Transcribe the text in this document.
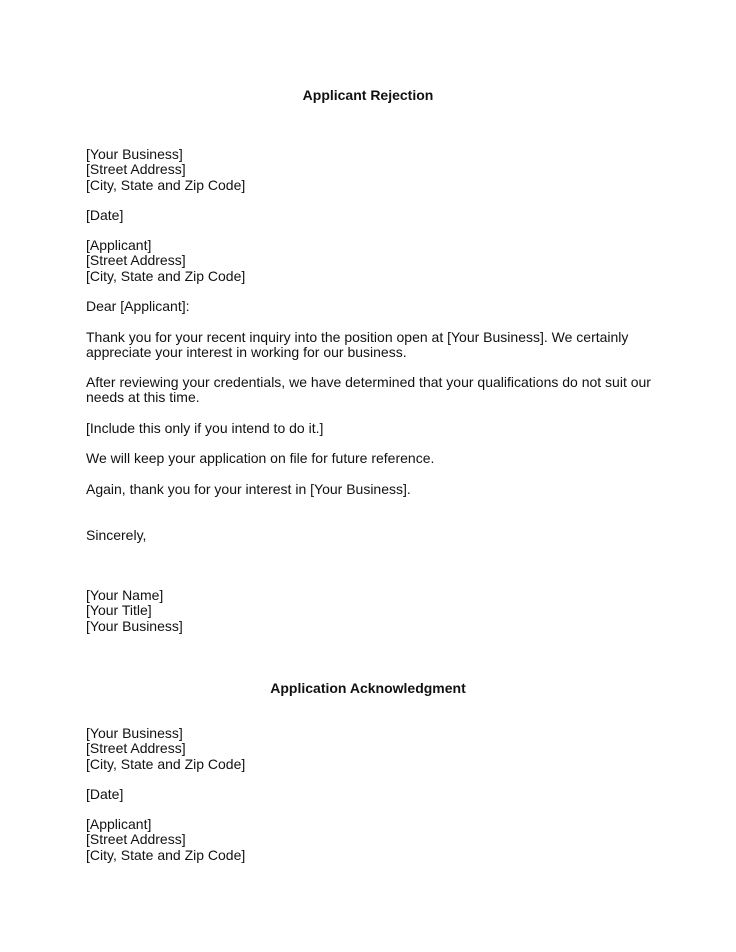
Applicant Rejection
[Your Business]
[Street Address]
[City, State and Zip Code]
[Date]
[Applicant]
[Street Address]
[City, State and Zip Code]
Dear [Applicant]:
Thank you for your recent inquiry into the position open at [Your Business]. We certainly
appreciate your interest in working for our business.
After reviewing your credentials, we have determined that your qualifications do not suit our
needs at this time.
[Include this only if you intend to do it.]
We will keep your application on file for future reference.
Again, thank you for your interest in [Your Business].
Sincerely,
[Your Name]
[Your Title]
[Your Business]
Application Acknowledgment
[Your Business]
[Street Address]
[City, State and Zip Code]
[Date]
[Applicant]
[Street Address]
[City, State and Zip Code]
